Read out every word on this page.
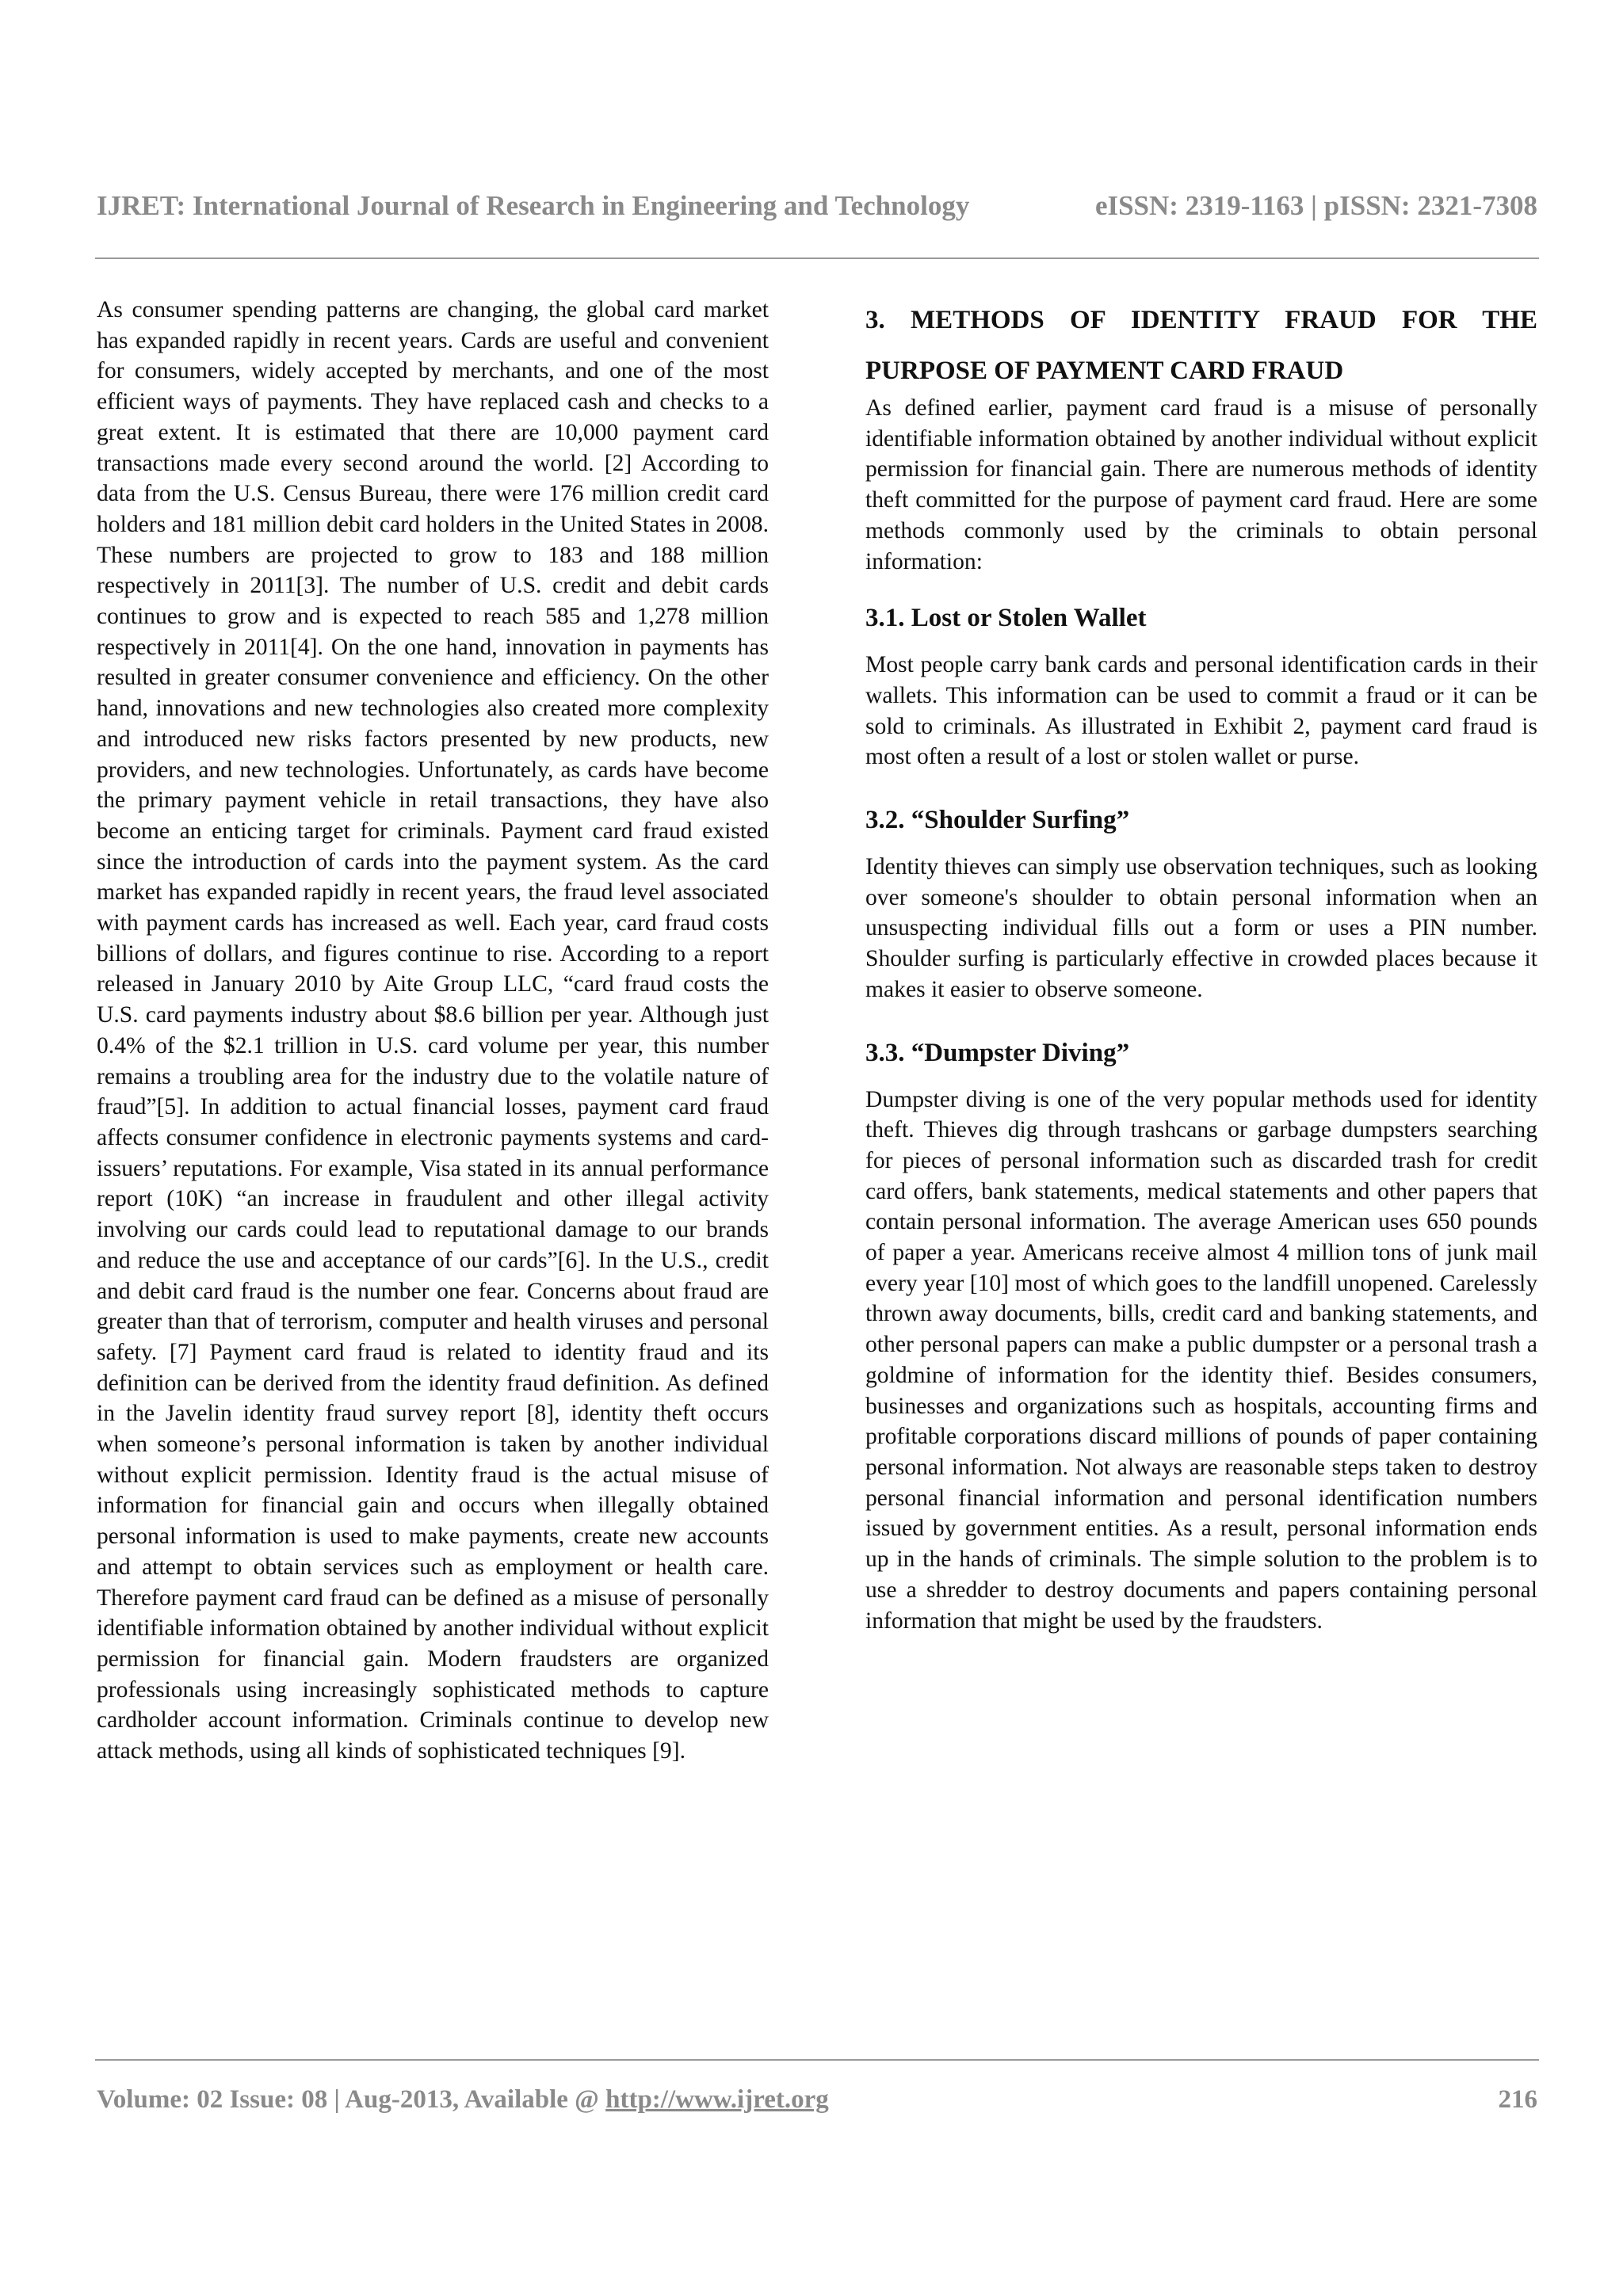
IJRET: International Journal of Research in Engineering and Technology	eISSN: 2319-1163 | pISSN: 2321-7308

As consumer spending patterns are changing, the global card market has expanded rapidly in recent years. Cards are useful and convenient for consumers, widely accepted by merchants, and one of the most efficient ways of payments. They have replaced cash and checks to a great extent. It is estimated that there are 10,000 payment card transactions made every second around the world. [2] According to data from the U.S. Census Bureau, there were 176 million credit card holders and 181 million debit card holders in the United States in 2008. These numbers are projected to grow to 183 and 188 million respectively in 2011[3]. The number of U.S. credit and debit cards continues to grow and is expected to reach 585 and 1,278 million respectively in 2011[4]. On the one hand, innovation in payments has resulted in greater consumer convenience and efficiency. On the other hand, innovations and new technologies also created more complexity and introduced new risks factors presented by new products, new providers, and new technologies. Unfortunately, as cards have become the primary payment vehicle in retail transactions, they have also become an enticing target for criminals. Payment card fraud existed since the introduction of cards into the payment system. As the card market has expanded rapidly in recent years, the fraud level associated with payment cards has increased as well. Each year, card fraud costs billions of dollars, and figures continue to rise. According to a report released in January 2010 by Aite Group LLC, “card fraud costs the U.S. card payments industry about $8.6 billion per year. Although just 0.4% of the $2.1 trillion in U.S. card volume per year, this number remains a troubling area for the industry due to the volatile nature of fraud”[5]. In addition to actual financial losses, payment card fraud affects consumer confidence in electronic payments systems and card-issuers’ reputations. For example, Visa stated in its annual performance report (10K) “an increase in fraudulent and other illegal activity involving our cards could lead to reputational damage to our brands and reduce the use and acceptance of our cards”[6]. In the U.S., credit and debit card fraud is the number one fear. Concerns about fraud are greater than that of terrorism, computer and health viruses and personal safety. [7] Payment card fraud is related to identity fraud and its definition can be derived from the identity fraud definition. As defined in the Javelin identity fraud survey report [8], identity theft occurs when someone’s personal information is taken by another individual without explicit permission. Identity fraud is the actual misuse of information for financial gain and occurs when illegally obtained personal information is used to make payments, create new accounts and attempt to obtain services such as employment or health care. Therefore payment card fraud can be defined as a misuse of personally identifiable information obtained by another individual without explicit permission for financial gain. Modern fraudsters are organized professionals using increasingly sophisticated methods to capture cardholder account information. Criminals continue to develop new attack methods, using all kinds of sophisticated techniques [9].

3. METHODS OF IDENTITY FRAUD FOR THE
PURPOSE OF PAYMENT CARD FRAUD

As defined earlier, payment card fraud is a misuse of personally identifiable information obtained by another individual without explicit permission for financial gain. There are numerous methods of identity theft committed for the purpose of payment card fraud. Here are some methods commonly used by the criminals to obtain personal information:

3.1. Lost or Stolen Wallet

Most people carry bank cards and personal identification cards in their wallets. This information can be used to commit a fraud or it can be sold to criminals. As illustrated in Exhibit 2, payment card fraud is most often a result of a lost or stolen wallet or purse.

3.2. “Shoulder Surfing”

Identity thieves can simply use observation techniques, such as looking over someone's shoulder to obtain personal information when an unsuspecting individual fills out a form or uses a PIN number. Shoulder surfing is particularly effective in crowded places because it makes it easier to observe someone.

3.3. “Dumpster Diving”

Dumpster diving is one of the very popular methods used for identity theft. Thieves dig through trashcans or garbage dumpsters searching for pieces of personal information such as discarded trash for credit card offers, bank statements, medical statements and other papers that contain personal information. The average American uses 650 pounds of paper a year. Americans receive almost 4 million tons of junk mail every year [10] most of which goes to the landfill unopened. Carelessly thrown away documents, bills, credit card and banking statements, and other personal papers can make a public dumpster or a personal trash a goldmine of information for the identity thief. Besides consumers, businesses and organizations such as hospitals, accounting firms and profitable corporations discard millions of pounds of paper containing personal information. Not always are reasonable steps taken to destroy personal financial information and personal identification numbers issued by government entities. As a result, personal information ends up in the hands of criminals. The simple solution to the problem is to use a shredder to destroy documents and papers containing personal information that might be used by the fraudsters.

Volume: 02 Issue: 08 | Aug-2013, Available @ http://www.ijret.org	216
